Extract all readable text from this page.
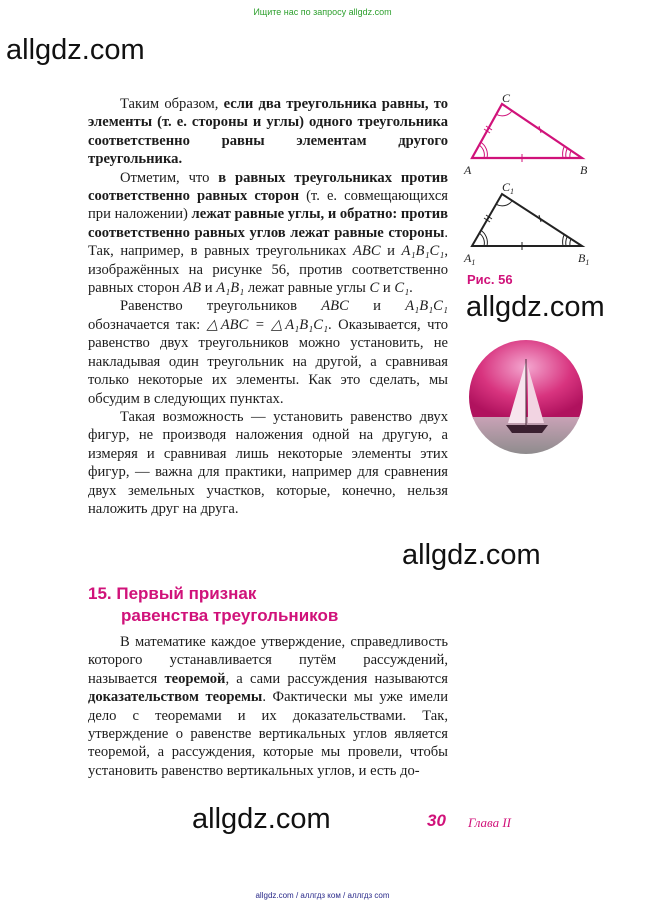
Ищите нас по запросу allgdz.com
allgdz.com
allgdz.com
allgdz.com
allgdz.com
A	B
C
$A_1$	$B_1$
$C_1$
Рис. 56

Таким образом, если два треугольника равны, то элементы (т. е. стороны и углы) одного треугольника соответственно равны элементам другого треугольника.

Отметим, что в равных треугольниках против соответственно равных сторон (т. е. совмещающихся при наложении) лежат равные углы, и обратно: против соответственно равных углов лежат равные стороны. Так, например, в равных треугольниках ABC и A₁B₁C₁, изображённых на рисунке 56, против соответственно равных сторон AB и A₁B₁ лежат равные углы C и C₁.

Равенство треугольников ABC и A₁B₁C₁ обозначается так: △ABC = △A₁B₁C₁. Оказывается, что равенство двух треугольников можно установить, не накладывая один треугольник на другой, а сравнивая только некоторые их элементы. Как это сделать, мы обсудим в следующих пунктах.

Такая возможность — установить равенство двух фигур, не производя наложения одной на другую, а измеряя и сравнивая лишь некоторые элементы этих фигур, — важна для практики, например для сравнения двух земельных участков, которые, конечно, нельзя наложить друг на друга.

15. Первый признак
равенства треугольников

В математике каждое утверждение, справедливость которого устанавливается путём рассуждений, называется теоремой, а сами рассуждения называются доказательством теоремы. Фактически мы уже имели дело с теоремами и их доказательствами. Так, утверждение о равенстве вертикальных углов является теоремой, а рассуждения, которые мы провели, чтобы установить равенство вертикальных углов, и есть до-

30 Глава II
allgdz.com / аллгдз ком / аллгдз com
